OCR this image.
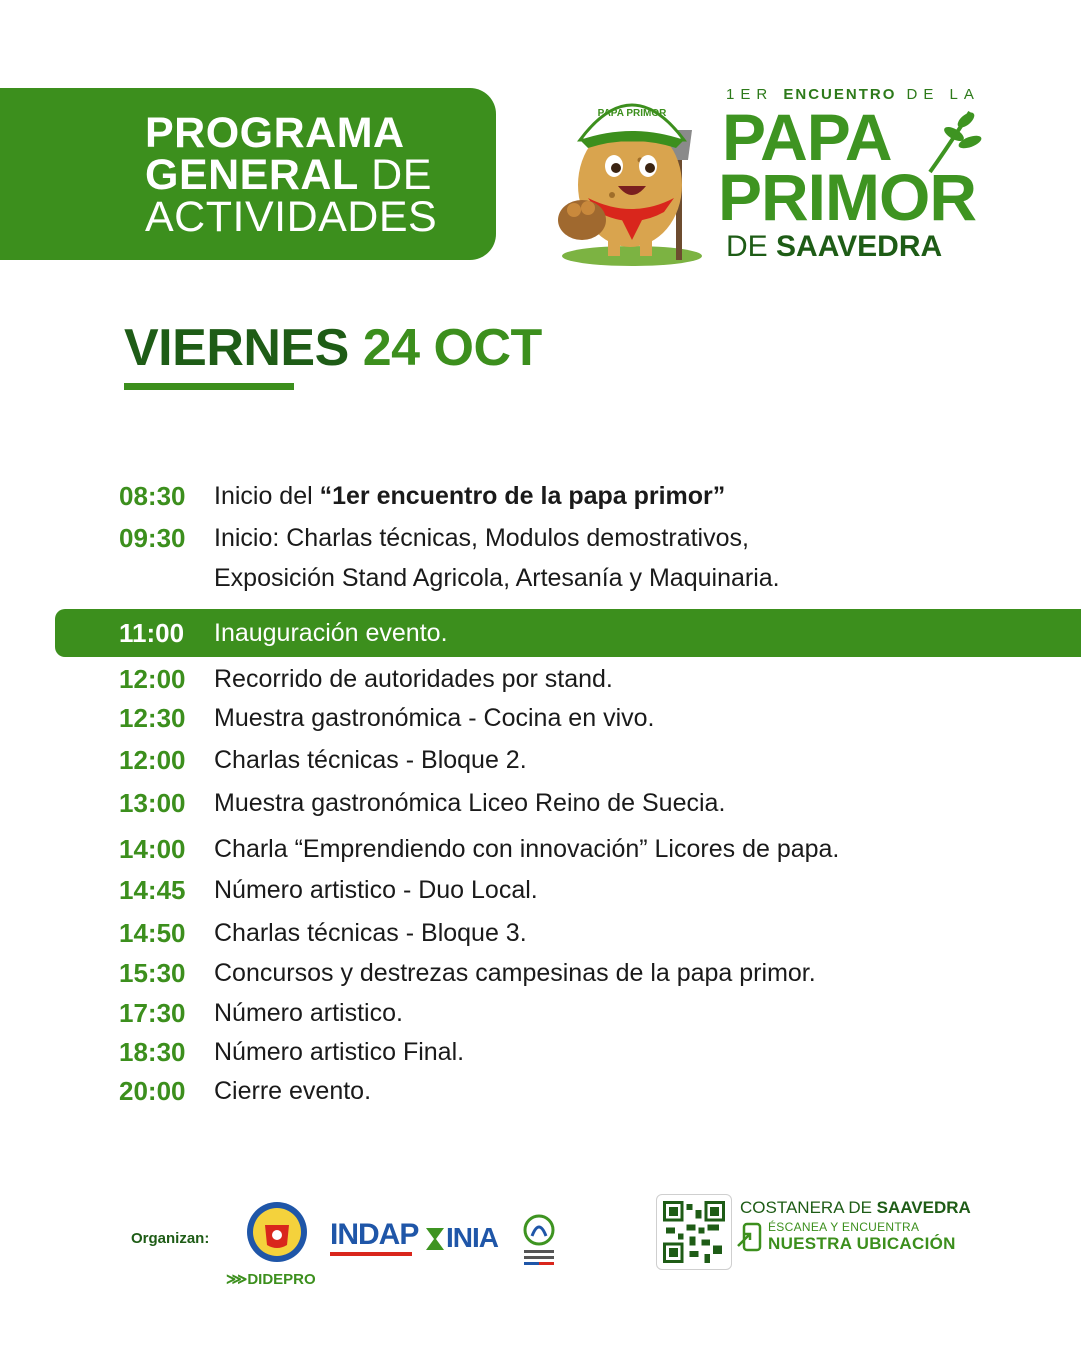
PROGRAMA
GENERAL DE
ACTIVIDADES
PAPA PRIMOR
1ER ENCUENTRO DE LA
PAPA
PRIMOR
DE SAAVEDRA
VIERNES 24 OCT
08:30 Inicio del “1er encuentro de la papa primor”
09:30 Inicio: Charlas técnicas, Modulos demostrativos,
Exposición Stand Agricola, Artesanía y Maquinaria.
11:00 Inauguración evento.
12:00 Recorrido de autoridades por stand.
12:30 Muestra gastronómica - Cocina en vivo.
12:00 Charlas técnicas - Bloque 2.
13:00 Muestra gastronómica Liceo Reino de Suecia.
14:00 Charla “Emprendiendo con innovación” Licores de papa.
14:45 Número artistico - Duo Local.
14:50 Charlas técnicas - Bloque 3.
15:30 Concursos y destrezas campesinas de la papa primor.
17:30 Número artistico.
18:30 Número artistico Final.
20:00 Cierre evento.
Organizan:
⋙DIDEPRO
INDAP INIA
COSTANERA DE SAAVEDRA
ÉSCANEA Y ENCUENTRA
NUESTRA UBICACIÓN
